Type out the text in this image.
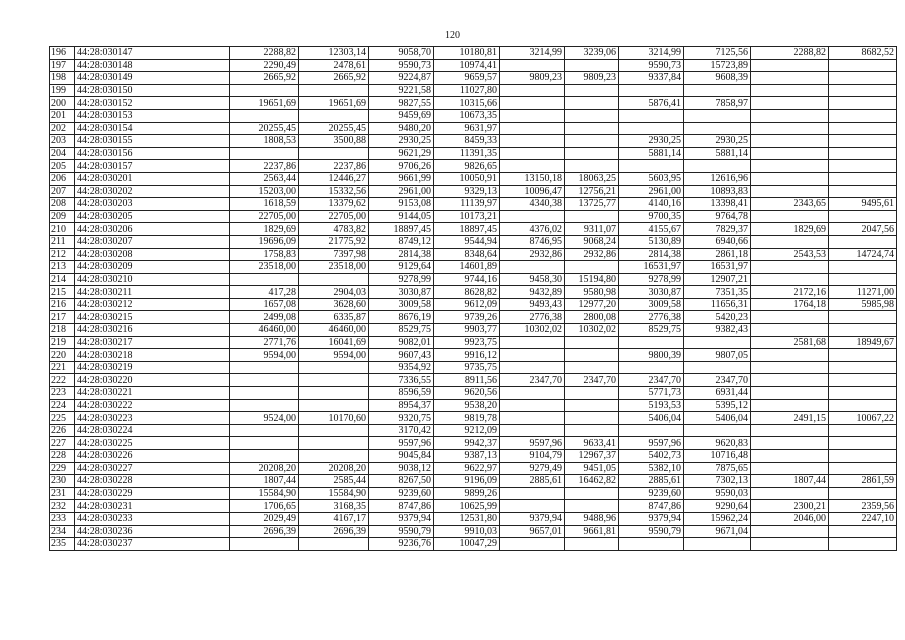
120
196	44:28:030147	2288,82	12303,14	9058,70	10180,81	3214,99	3239,06	3214,99	7125,56	2288,82	8682,52
197	44:28:030148	2290,49	2478,61	9590,73	10974,41			9590,73	15723,89		
198	44:28:030149	2665,92	2665,92	9224,87	9659,57	9809,23	9809,23	9337,84	9608,39		
199	44:28:030150			9221,58	11027,80						
200	44:28:030152	19651,69	19651,69	9827,55	10315,66			5876,41	7858,97		
201	44:28:030153			9459,69	10673,35						
202	44:28:030154	20255,45	20255,45	9480,20	9631,97						
203	44:28:030155	1808,53	3500,88	2930,25	8459,33			2930,25	2930,25		
204	44:28:030156			9621,29	11391,35			5881,14	5881,14		
205	44:28:030157	2237,86	2237,86	9706,26	9826,65						
206	44:28:030201	2563,44	12446,27	9661,99	10050,91	13150,18	18063,25	5603,95	12616,96		
207	44:28:030202	15203,00	15332,56	2961,00	9329,13	10096,47	12756,21	2961,00	10893,83		
208	44:28:030203	1618,59	13379,62	9153,08	11139,97	4340,38	13725,77	4140,16	13398,41	2343,65	9495,61
209	44:28:030205	22705,00	22705,00	9144,05	10173,21			9700,35	9764,78		
210	44:28:030206	1829,69	4783,82	18897,45	18897,45	4376,02	9311,07	4155,67	7829,37	1829,69	2047,56
211	44:28:030207	19696,09	21775,92	8749,12	9544,94	8746,95	9068,24	5130,89	6940,66		
212	44:28:030208	1758,83	7397,98	2814,38	8348,64	2932,86	2932,86	2814,38	2861,18	2543,53	14724,74
213	44:28:030209	23518,00	23518,00	9129,64	14601,89			16531,97	16531,97		
214	44:28:030210			9278,99	9744,16	9458,30	15194,80	9278,99	12907,21		
215	44:28:030211	417,28	2904,03	3030,87	8628,82	9432,89	9580,98	3030,87	7351,35	2172,16	11271,00
216	44:28:030212	1657,08	3628,60	3009,58	9612,09	9493,43	12977,20	3009,58	11656,31	1764,18	5985,98
217	44:28:030215	2499,08	6335,87	8676,19	9739,26	2776,38	2800,08	2776,38	5420,23		
218	44:28:030216	46460,00	46460,00	8529,75	9903,77	10302,02	10302,02	8529,75	9382,43		
219	44:28:030217	2771,76	16041,69	9082,01	9923,75					2581,68	18949,67
220	44:28:030218	9594,00	9594,00	9607,43	9916,12			9800,39	9807,05		
221	44:28:030219			9354,92	9735,75						
222	44:28:030220			7336,55	8911,56	2347,70	2347,70	2347,70	2347,70		
223	44:28:030221			8596,59	9620,56			5771,73	6931,44		
224	44:28:030222			8954,37	9538,20			5193,53	5395,12		
225	44:28:030223	9524,00	10170,60	9320,75	9819,78			5406,04	5406,04	2491,15	10067,22
226	44:28:030224			3170,42	9212,09						
227	44:28:030225			9597,96	9942,37	9597,96	9633,41	9597,96	9620,83		
228	44:28:030226			9045,84	9387,13	9104,79	12967,37	5402,73	10716,48		
229	44:28:030227	20208,20	20208,20	9038,12	9622,97	9279,49	9451,05	5382,10	7875,65		
230	44:28:030228	1807,44	2585,44	8267,50	9196,09	2885,61	16462,82	2885,61	7302,13	1807,44	2861,59
231	44:28:030229	15584,90	15584,90	9239,60	9899,26			9239,60	9590,03		
232	44:28:030231	1706,65	3168,35	8747,86	10625,99			8747,86	9290,64	2300,21	2359,56
233	44:28:030233	2029,49	4167,17	9379,94	12531,80	9379,94	9488,96	9379,94	15962,24	2046,00	2247,10
234	44:28:030236	2696,39	2696,39	9590,79	9910,03	9657,01	9661,81	9590,79	9671,04		
235	44:28:030237			9236,76	10047,29						
